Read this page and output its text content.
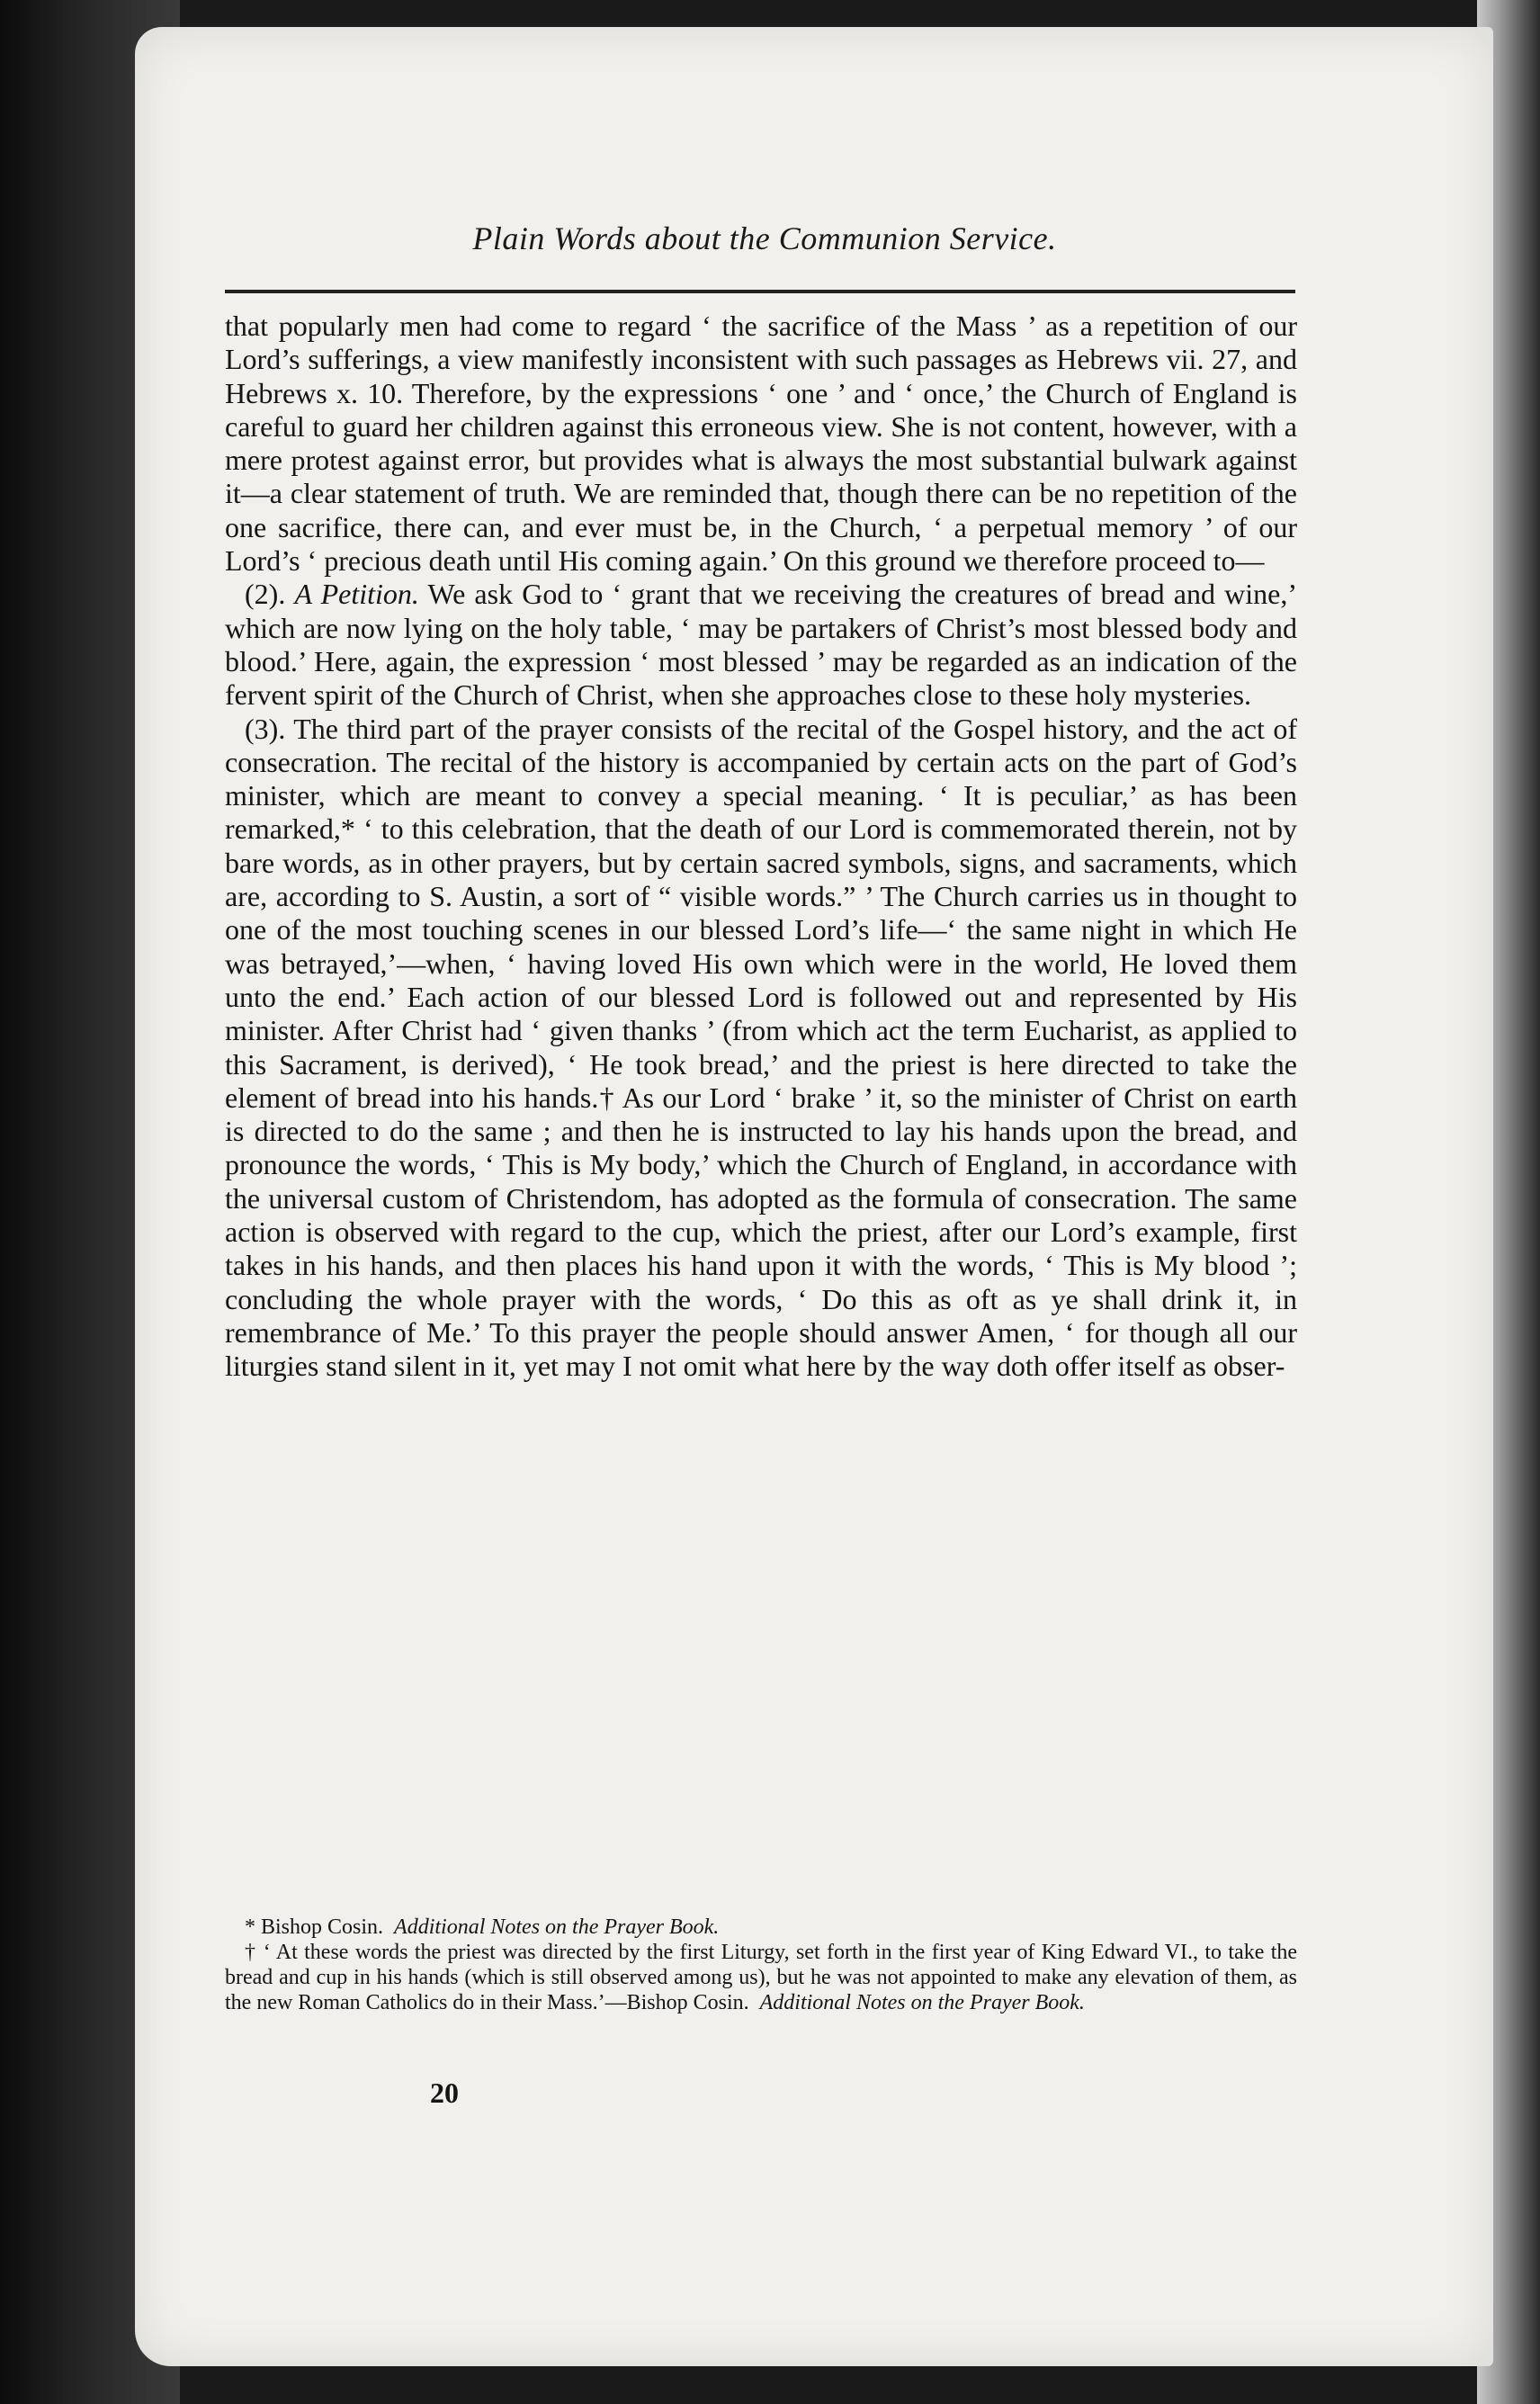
Plain Words about the Communion Service.

that popularly men had come to regard ‘ the sacrifice of the Mass ’ as a repetition of our Lord’s sufferings, a view manifestly inconsistent with such passages as Hebrews vii. 27, and Hebrews x. 10. Therefore, by the expressions ‘ one ’ and ‘ once,’ the Church of England is careful to guard her children against this erroneous view. She is not content, however, with a mere protest against error, but provides what is always the most substantial bulwark against it—a clear statement of truth. We are reminded that, though there can be no repetition of the one sacrifice, there can, and ever must be, in the Church, ‘ a perpetual memory ’ of our Lord’s ‘ precious death until His coming again.’ On this ground we therefore proceed to—

(2). A Petition. We ask God to ‘ grant that we receiving the creatures of bread and wine,’ which are now lying on the holy table, ‘ may be partakers of Christ’s most blessed body and blood.’ Here, again, the expression ‘ most blessed ’ may be regarded as an indication of the fervent spirit of the Church of Christ, when she approaches close to these holy mysteries.

(3). The third part of the prayer consists of the recital of the Gospel history, and the act of consecration. The recital of the history is accompanied by certain acts on the part of God’s minister, which are meant to convey a special meaning. ‘ It is peculiar,’ as has been remarked,* ‘ to this celebration, that the death of our Lord is commemorated therein, not by bare words, as in other prayers, but by certain sacred symbols, signs, and sacraments, which are, according to S. Austin, a sort of “ visible words.” ’ The Church carries us in thought to one of the most touching scenes in our blessed Lord’s life—‘ the same night in which He was betrayed,’—when, ‘ having loved His own which were in the world, He loved them unto the end.’ Each action of our blessed Lord is followed out and represented by His minister. After Christ had ‘ given thanks ’ (from which act the term Eucharist, as applied to this Sacrament, is derived), ‘ He took bread,’ and the priest is here directed to take the element of bread into his hands.† As our Lord ‘ brake ’ it, so the minister of Christ on earth is directed to do the same ; and then he is instructed to lay his hands upon the bread, and pronounce the words, ‘ This is My body,’ which the Church of England, in accordance with the universal custom of Christendom, has adopted as the formula of consecration. The same action is observed with regard to the cup, which the priest, after our Lord’s example, first takes in his hands, and then places his hand upon it with the words, ‘ This is My blood ’; concluding the whole prayer with the words, ‘ Do this as oft as ye shall drink it, in remembrance of Me.’ To this prayer the people should answer Amen, ‘ for though all our liturgies stand silent in it, yet may I not omit what here by the way doth offer itself as obser-

* Bishop Cosin. Additional Notes on the Prayer Book.

† ‘ At these words the priest was directed by the first Liturgy, set forth in the first year of King Edward VI., to take the bread and cup in his hands (which is still observed among us), but he was not appointed to make any elevation of them, as the new Roman Catholics do in their Mass.’—Bishop Cosin. Additional Notes on the Prayer Book.

20
